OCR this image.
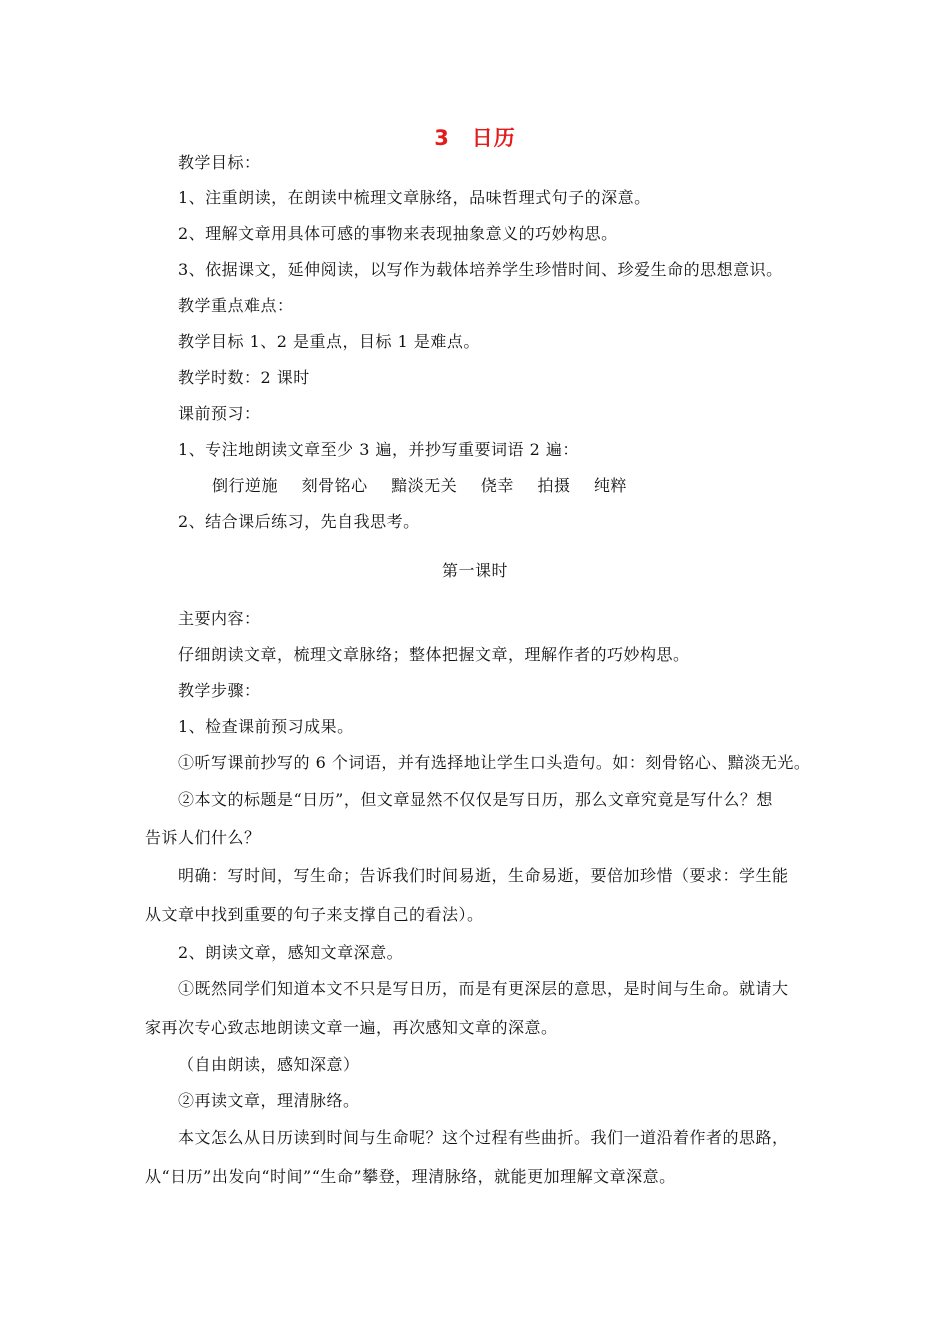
3　日历
教学目标：
1、注重朗读，在朗读中梳理文章脉络，品味哲理式句子的深意。
2、理解文章用具体可感的事物来表现抽象意义的巧妙构思。
3、依据课文，延伸阅读，以写作为载体培养学生珍惜时间、珍爱生命的思想意识。
教学重点难点：
教学目标 1、2 是重点，目标 1 是难点。
教学时数：2 课时
课前预习：
1、专注地朗读文章至少 3 遍，并抄写重要词语 2 遍：
倒行逆施 刻骨铭心 黯淡无关 侥幸 拍摄 纯粹
2、结合课后练习，先自我思考。
第一课时
主要内容：
仔细朗读文章，梳理文章脉络；整体把握文章，理解作者的巧妙构思。
教学步骤：
1、检查课前预习成果。
①听写课前抄写的 6 个词语，并有选择地让学生口头造句。如：刻骨铭心、黯淡无光。
②本文的标题是“日历”，但文章显然不仅仅是写日历，那么文章究竟是写什么？想
告诉人们什么？
明确：写时间，写生命；告诉我们时间易逝，生命易逝，要倍加珍惜（要求：学生能
从文章中找到重要的句子来支撑自己的看法）。
2、朗读文章，感知文章深意。
①既然同学们知道本文不只是写日历，而是有更深层的意思，是时间与生命。就请大
家再次专心致志地朗读文章一遍，再次感知文章的深意。
（自由朗读，感知深意）
②再读文章，理清脉络。
本文怎么从日历读到时间与生命呢？这个过程有些曲折。我们一道沿着作者的思路，
从“日历”出发向“时间”“生命”攀登，理清脉络，就能更加理解文章深意。
